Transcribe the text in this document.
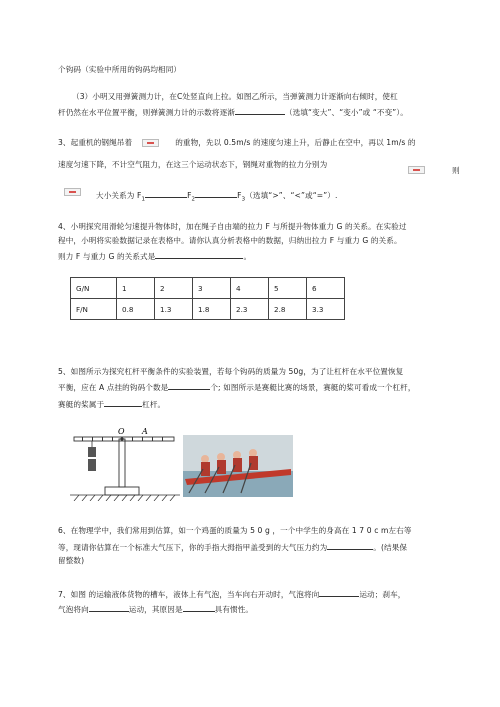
个钩码（实验中所用的钩码均相同）
（3）小明又用弹簧测力计，在C处竖直向上拉。如图乙所示，当弹簧测力计逐渐向右倾时，使杠
杆仍然在水平位置平衡，则弹簧测力计的示数将逐渐	（选填“变大”、“变小”或 “不变”）。
3、起重机的钢绳吊着	的重物，先以 0.5m/s 的速度匀速上升，后静止在空中，再以 1m/s 的
速度匀速下降，不计空气阻力，在这三个运动状态下，钢绳对重物的拉力分别为
则
大小关系为 $F_1$	$F_2$	$F_3$（选填“>”、“<”或“=”）.
4、小明探究用滑轮匀速提升物体时，加在绳子自由端的拉力 F 与所提升物体重力 G 的关系。在实验过
程中，小明将实验数据记录在表格中。请你认真分析表格中的数据，归纳出拉力 F 与重力 G 的关系。
则力 F 与重力 G 的关系式是	。
G/N	1	2	3	4	5	6
F/N	0.8	1.3	1.8	2.3	2.8	3.3
5、如图所示为探究杠杆平衡条件的实验装置，若每个钩码的质量为 50g，为了让杠杆在水平位置恢复
平衡，应在 A 点挂的钩码个数是	个; 如图所示是赛艇比赛的场景，赛艇的桨可看成一个杠杆，
赛艇的桨属于	杠杆。
O A
6、在物理学中，我们常用到估算，如一个鸡蛋的质量为 5 0 g ，一个中学生的身高在 1 7 0 c m左右等
等，现请你估算在一个标准大气压下，你的手指大拇指甲盖受到的大气压力约为	。(结果保
留整数)
7、如图 的运输液体货物的槽车，液体上有气泡，当车向右开动时，气泡将向	运动；刹车，
气泡将向	运动，其原因是	具有惯性。
